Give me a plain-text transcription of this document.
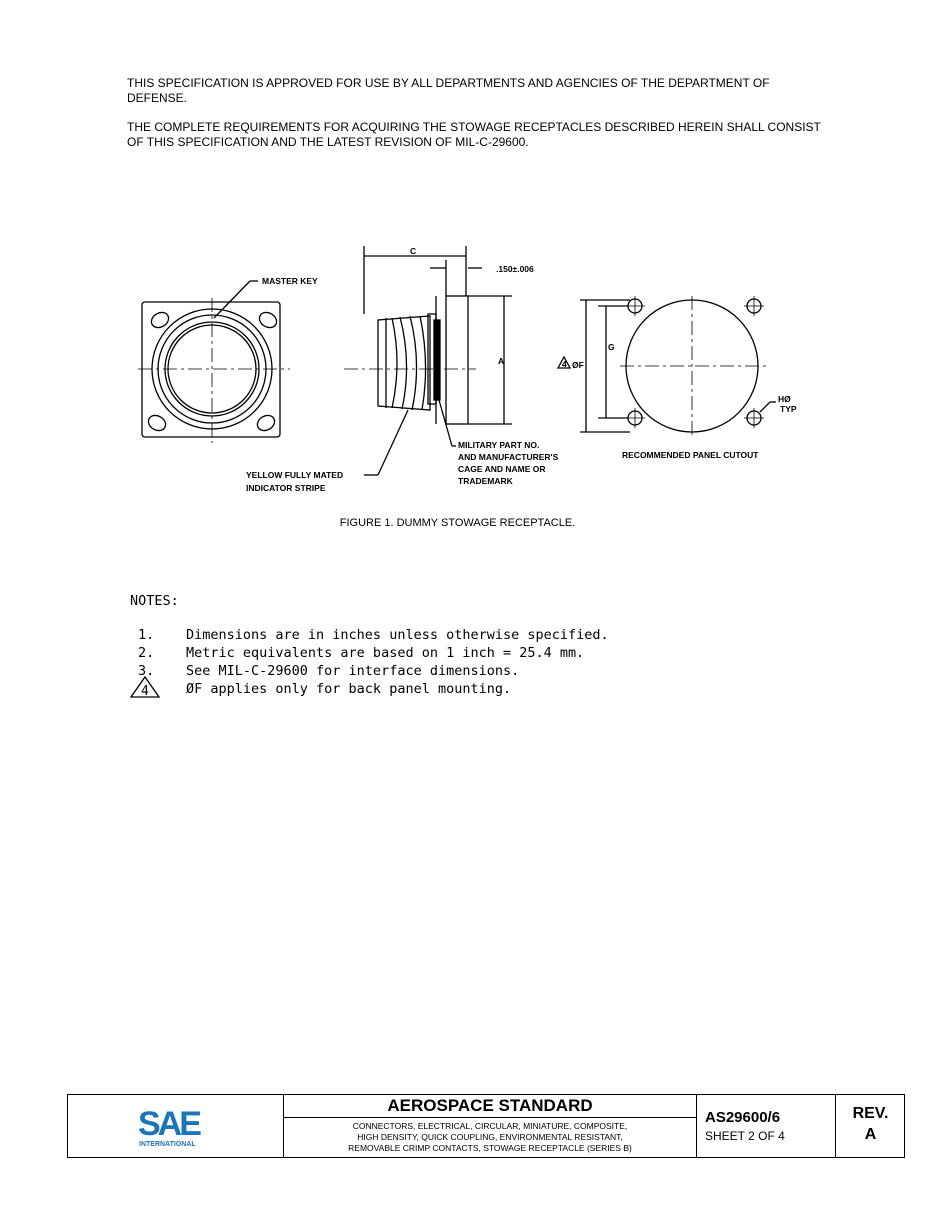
THIS SPECIFICATION IS APPROVED FOR USE BY ALL DEPARTMENTS AND AGENCIES OF THE DEPARTMENT OF DEFENSE.
THE COMPLETE REQUIREMENTS FOR ACQUIRING THE STOWAGE RECEPTACLES DESCRIBED HEREIN SHALL CONSIST OF THIS SPECIFICATION AND THE LATEST REVISION OF MIL-C-29600.
MASTER KEY
C
.150±.006
A
G
4 ØF
HØ
TYP
YELLOW FULLY MATED
INDICATOR STRIPE
MILITARY PART NO.
AND MANUFACTURER'S
CAGE AND NAME OR
TRADEMARK
RECOMMENDED PANEL CUTOUT
FIGURE 1. DUMMY STOWAGE RECEPTACLE.
NOTES:
1. Dimensions are in inches unless otherwise specified.
2. Metric equivalents are based on 1 inch = 25.4 mm.
3. See MIL-C-29600 for interface dimensions.
4	ØF applies only for back panel mounting.
SAE
INTERNATIONAL
AEROSPACE STANDARD
CONNECTORS, ELECTRICAL, CIRCULAR, MINIATURE, COMPOSITE,
HIGH DENSITY, QUICK COUPLING, ENVIRONMENTAL RESISTANT,
REMOVABLE CRIMP CONTACTS, STOWAGE RECEPTACLE (SERIES B)
AS29600/6
SHEET 2 OF 4
REV.
A
